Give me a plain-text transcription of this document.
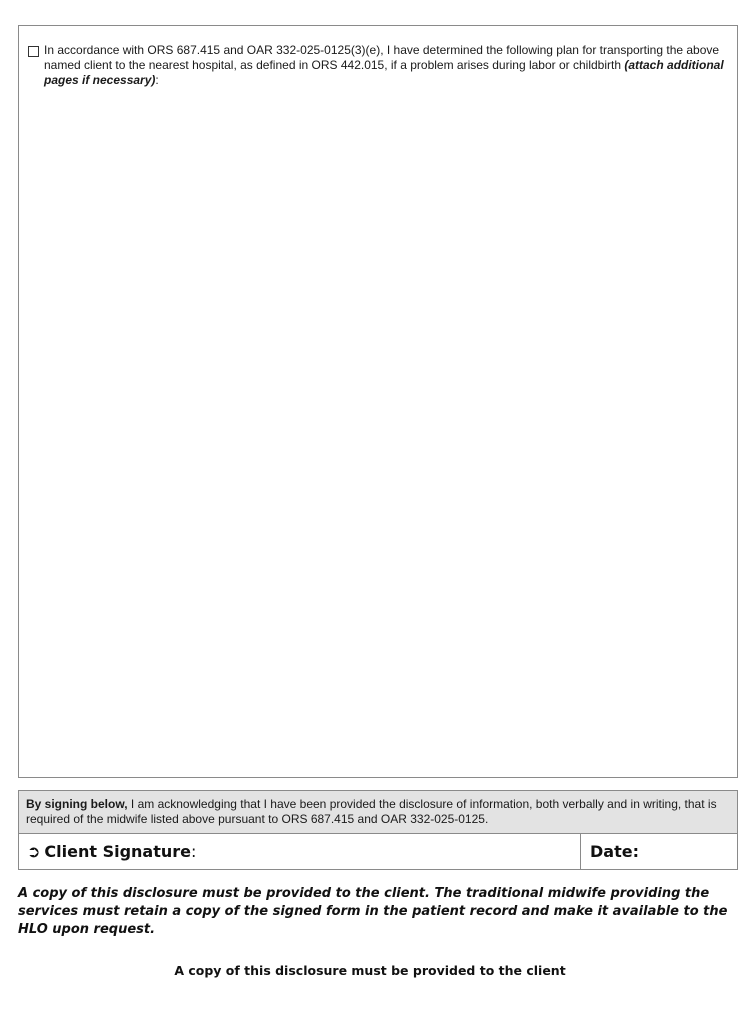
In accordance with ORS 687.415 and OAR 332-025-0125(3)(e), I have determined the following plan for transporting the above named client to the nearest hospital, as defined in ORS 442.015, if a problem arises during labor or childbirth (attach additional pages if necessary):
By signing below, I am acknowledging that I have been provided the disclosure of information, both verbally and in writing, that is required of the midwife listed above pursuant to ORS 687.415 and OAR 332-025-0125.
➲ Client Signature:	Date:
A copy of this disclosure must be provided to the client. The traditional midwife providing the services must retain a copy of the signed form in the patient record and make it available to the HLO upon request.
A copy of this disclosure must be provided to the client
